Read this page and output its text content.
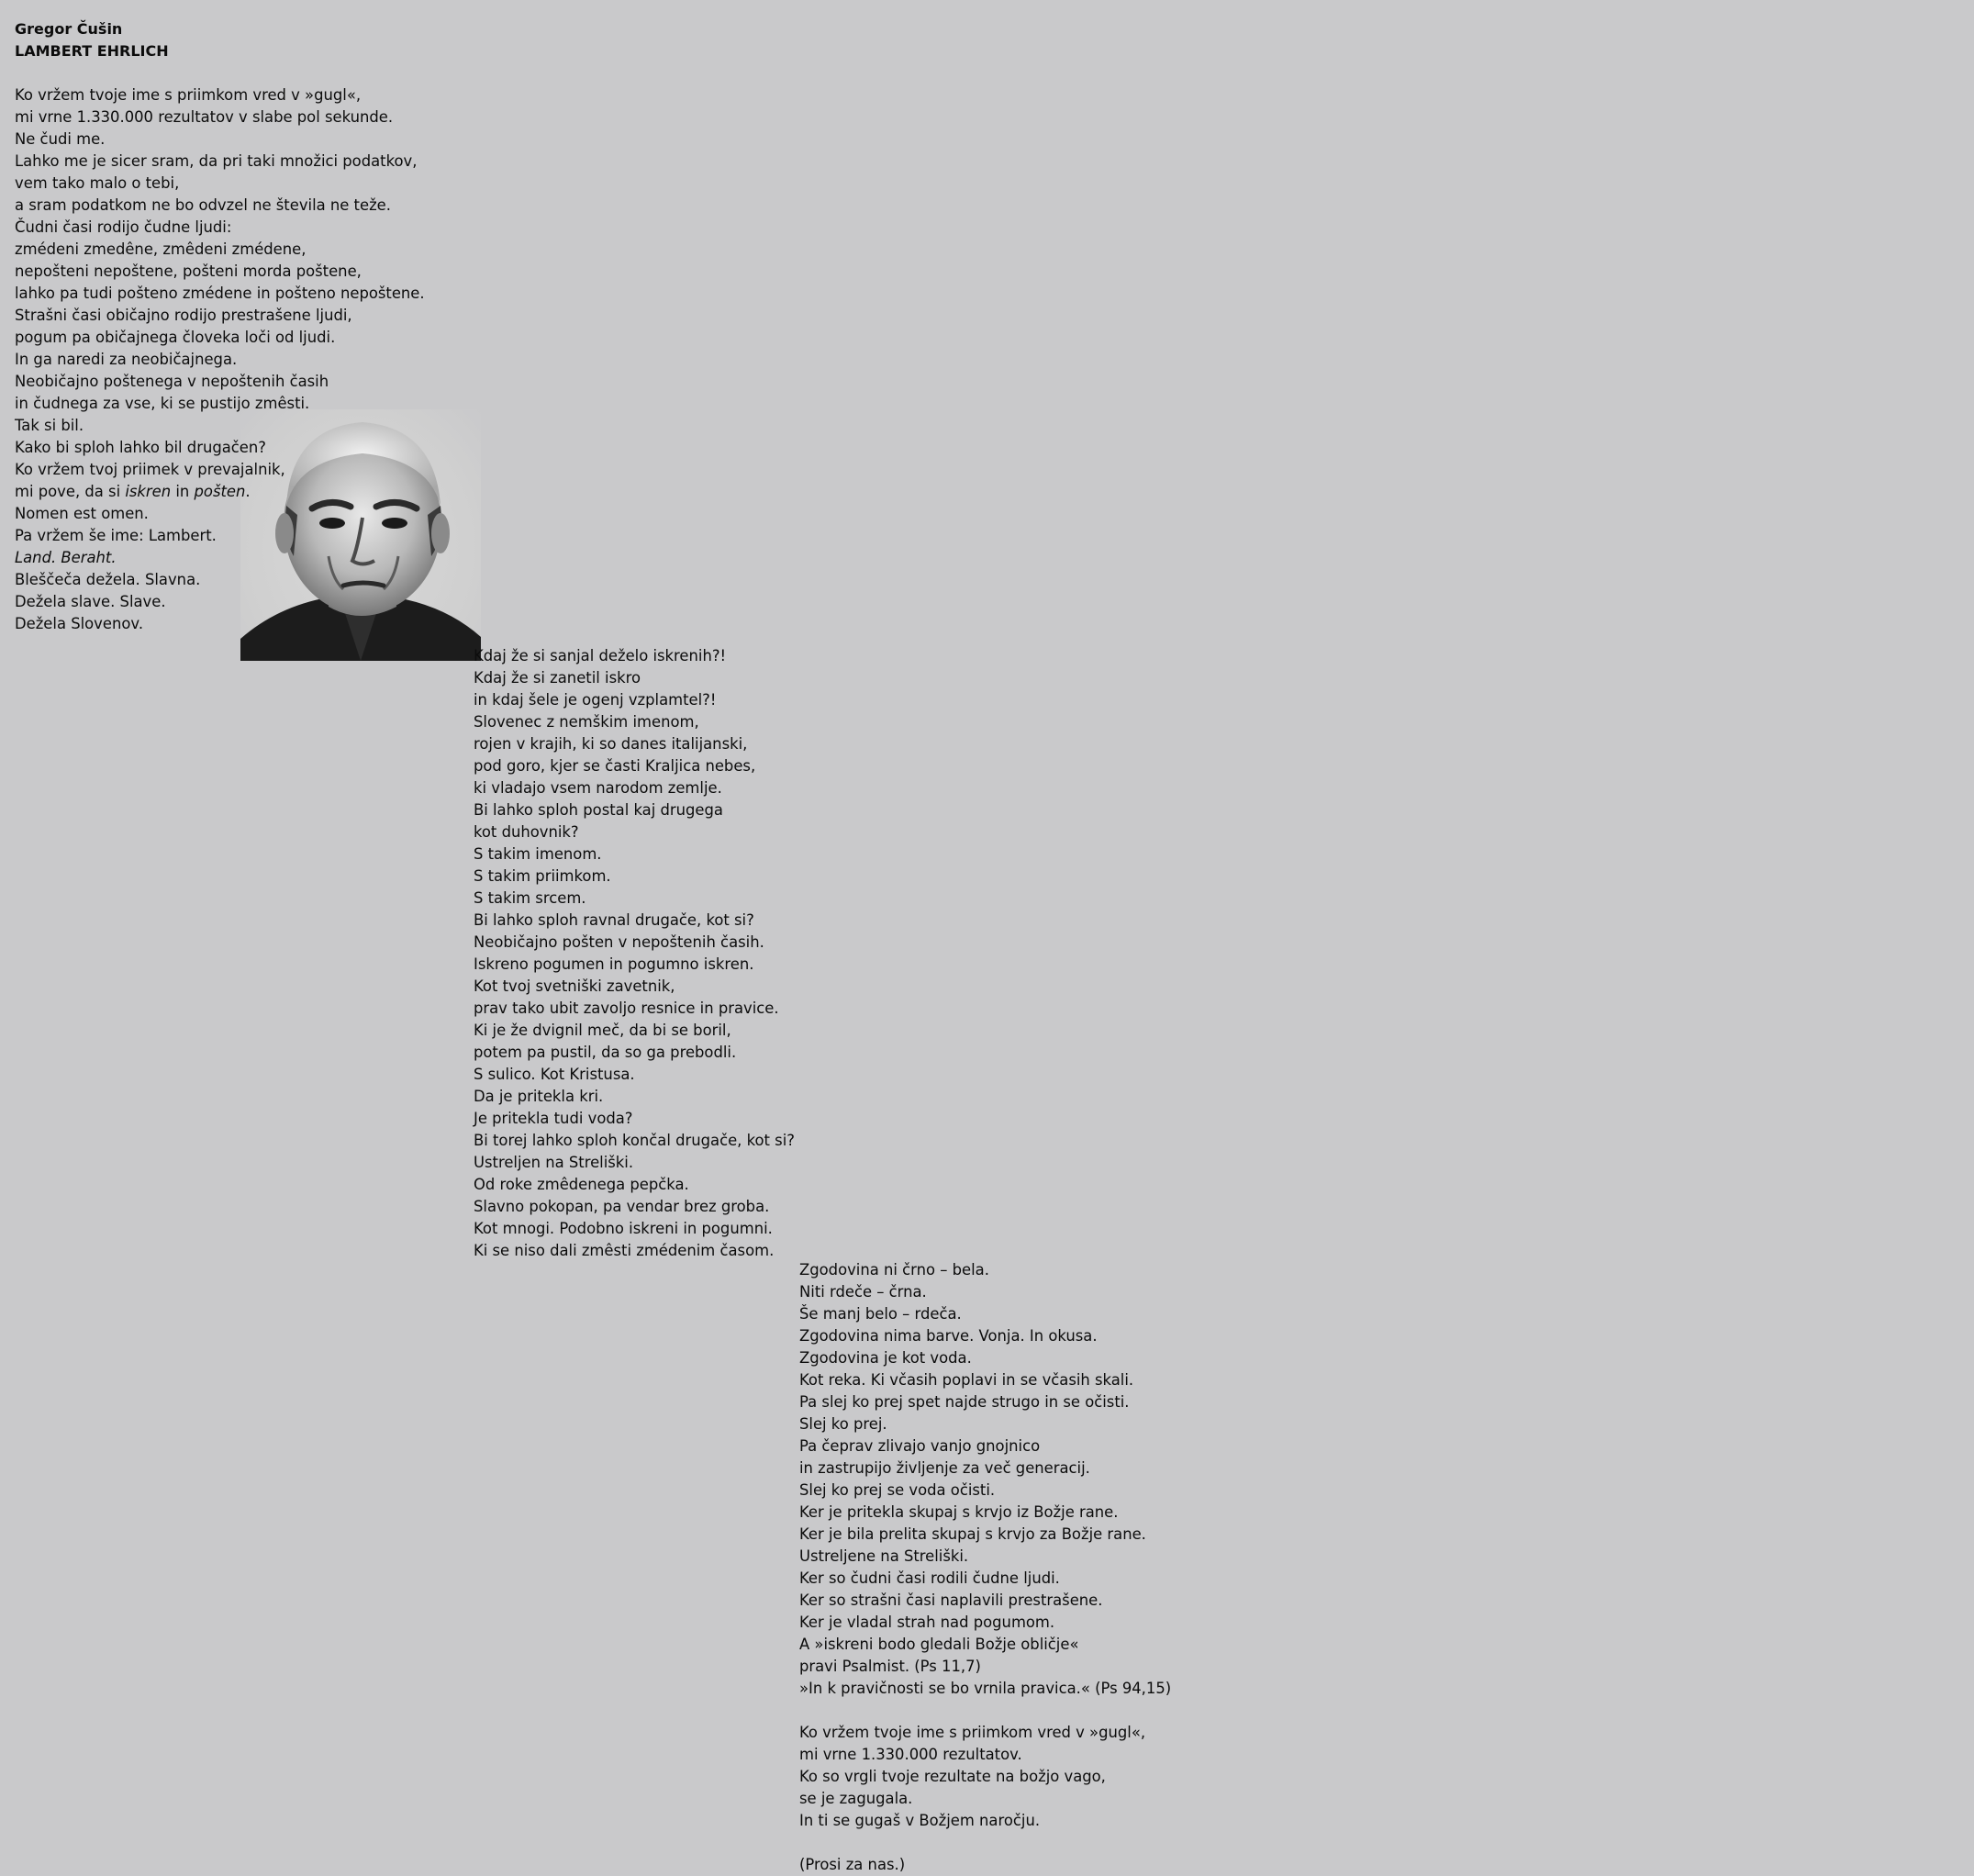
Gregor Čušin
LAMBERT EHRLICH
Ko vržem tvoje ime s priimkom vred v »gugl«,
mi vrne 1.330.000 rezultatov v slabe pol sekunde.
Ne čudi me.
Lahko me je sicer sram, da pri taki množici podatkov,
vem tako malo o tebi,
a sram podatkom ne bo odvzel ne števila ne teže.
Čudni časi rodijo čudne ljudi:
zmédeni zmedêne, zmêdeni zmédene,
nepošteni nepoštene, pošteni morda poštene,
lahko pa tudi pošteno zmédene in pošteno nepoštene.
Strašni časi običajno rodijo prestrašene ljudi,
pogum pa običajnega človeka loči od ljudi.
In ga naredi za neobičajnega.
Neobičajno poštenega v nepoštenih časih
in čudnega za vse, ki se pustijo zmêsti.
Tak si bil.
Kako bi sploh lahko bil drugačen?
Ko vržem tvoj priimek v prevajalnik,
mi pove, da si iskren in pošten.
Nomen est omen.
Pa vržem še ime: Lambert.
Land. Beraht.
Bleščeča dežela. Slavna.
Dežela slave. Slave.
Dežela Slovenov.
Kdaj že si sanjal deželo iskrenih?!
Kdaj že si zanetil iskro
in kdaj šele je ogenj vzplamtel?!
Slovenec z nemškim imenom,
rojen v krajih, ki so danes italijanski,
pod goro, kjer se časti Kraljica nebes,
ki vladajo vsem narodom zemlje.
Bi lahko sploh postal kaj drugega
kot duhovnik?
S takim imenom.
S takim priimkom.
S takim srcem.
Bi lahko sploh ravnal drugače, kot si?
Neobičajno pošten v nepoštenih časih.
Iskreno pogumen in pogumno iskren.
Kot tvoj svetniški zavetnik,
prav tako ubit zavoljo resnice in pravice.
Ki je že dvignil meč, da bi se boril,
potem pa pustil, da so ga prebodli.
S sulico. Kot Kristusa.
Da je pritekla kri.
Je pritekla tudi voda?
Bi torej lahko sploh končal drugače, kot si?
Ustreljen na Streliški.
Od roke zmêdenega pepčka.
Slavno pokopan, pa vendar brez groba.
Kot mnogi. Podobno iskreni in pogumni.
Ki se niso dali zmêsti zmédenim časom.
Zgodovina ni črno – bela.
Niti rdeče – črna.
Še manj belo – rdeča.
Zgodovina nima barve. Vonja. In okusa.
Zgodovina je kot voda.
Kot reka. Ki včasih poplavi in se včasih skali.
Pa slej ko prej spet najde strugo in se očisti.
Slej ko prej.
Pa čeprav zlivajo vanjo gnojnico
in zastrupijo življenje za več generacij.
Slej ko prej se voda očisti.
Ker je pritekla skupaj s krvjo iz Božje rane.
Ker je bila prelita skupaj s krvjo za Božje rane.
Ustreljene na Streliški.
Ker so čudni časi rodili čudne ljudi.
Ker so strašni časi naplavili prestrašene.
Ker je vladal strah nad pogumom.
A »iskreni bodo gledali Božje obličje«
pravi Psalmist. (Ps 11,7)
»In k pravičnosti se bo vrnila pravica.« (Ps 94,15)
Ko vržem tvoje ime s priimkom vred v »gugl«,
mi vrne 1.330.000 rezultatov.
Ko so vrgli tvoje rezultate na božjo vago,
se je zagugala.
In ti se gugaš v Božjem naročju.
(Prosi za nas.)
